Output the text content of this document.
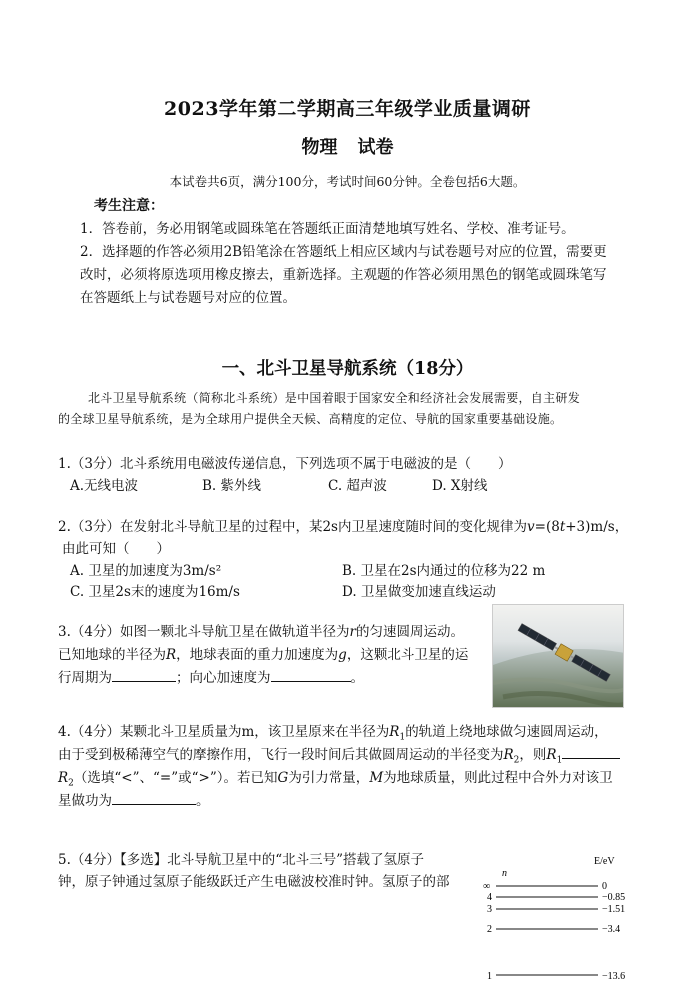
2023学年第二学期高三年级学业质量调研
物理 试卷
本试卷共6页，满分100分，考试时间60分钟。全卷包括6大题。
考生注意：
1．答卷前，务必用钢笔或圆珠笔在答题纸正面清楚地填写姓名、学校、准考证号。
2．选择题的作答必须用2B铅笔涂在答题纸上相应区域内与试卷题号对应的位置，需要更
改时，必须将原选项用橡皮擦去，重新选择。主观题的作答必须用黑色的钢笔或圆珠笔写
在答题纸上与试卷题号对应的位置。
一、北斗卫星导航系统（18分）
北斗卫星导航系统（简称北斗系统）是中国着眼于国家安全和经济社会发展需要，自主研发
的全球卫星导航系统，是为全球用户提供全天候、高精度的定位、导航的国家重要基础设施。
1.（3分）北斗系统用电磁波传递信息，下列选项不属于电磁波的是（　　）
A.无线电波	B. 紫外线	C. 超声波	D. X射线
2.（3分）在发射北斗导航卫星的过程中，某2s内卫星速度随时间的变化规律为v=(8t+3)m/s，
由此可知（　　）
A. 卫星的加速度为3m/s²	B. 卫星在2s内通过的位移为22 m
C. 卫星2s末的速度为16m/s	D. 卫星做变加速直线运动
3.（4分）如图一颗北斗导航卫星在做轨道半径为r的匀速圆周运动。
已知地球的半径为R，地球表面的重力加速度为g，这颗北斗卫星的运
行周期为	；向心加速度为	。
4.（4分）某颗北斗卫星质量为m，该卫星原来在半径为$R_1$的轨道上绕地球做匀速圆周运动，
由于受到极稀薄空气的摩擦作用，飞行一段时间后其做圆周运动的半径变为$R_2$，则$R_1$
$R_2$（选填“<”、“=”或“>”）。若已知G为引力常量，M为地球质量，则此过程中合外力对该卫
星做功为	。
5.（4分）【多选】北斗导航卫星中的“北斗三号”搭载了氢原子
钟，原子钟通过氢原子能级跃迁产生电磁波校准时钟。氢原子的部
n
E/eV
∞	0
4	−0.85
3	−1.51
2	−3.4
1	−13.6
